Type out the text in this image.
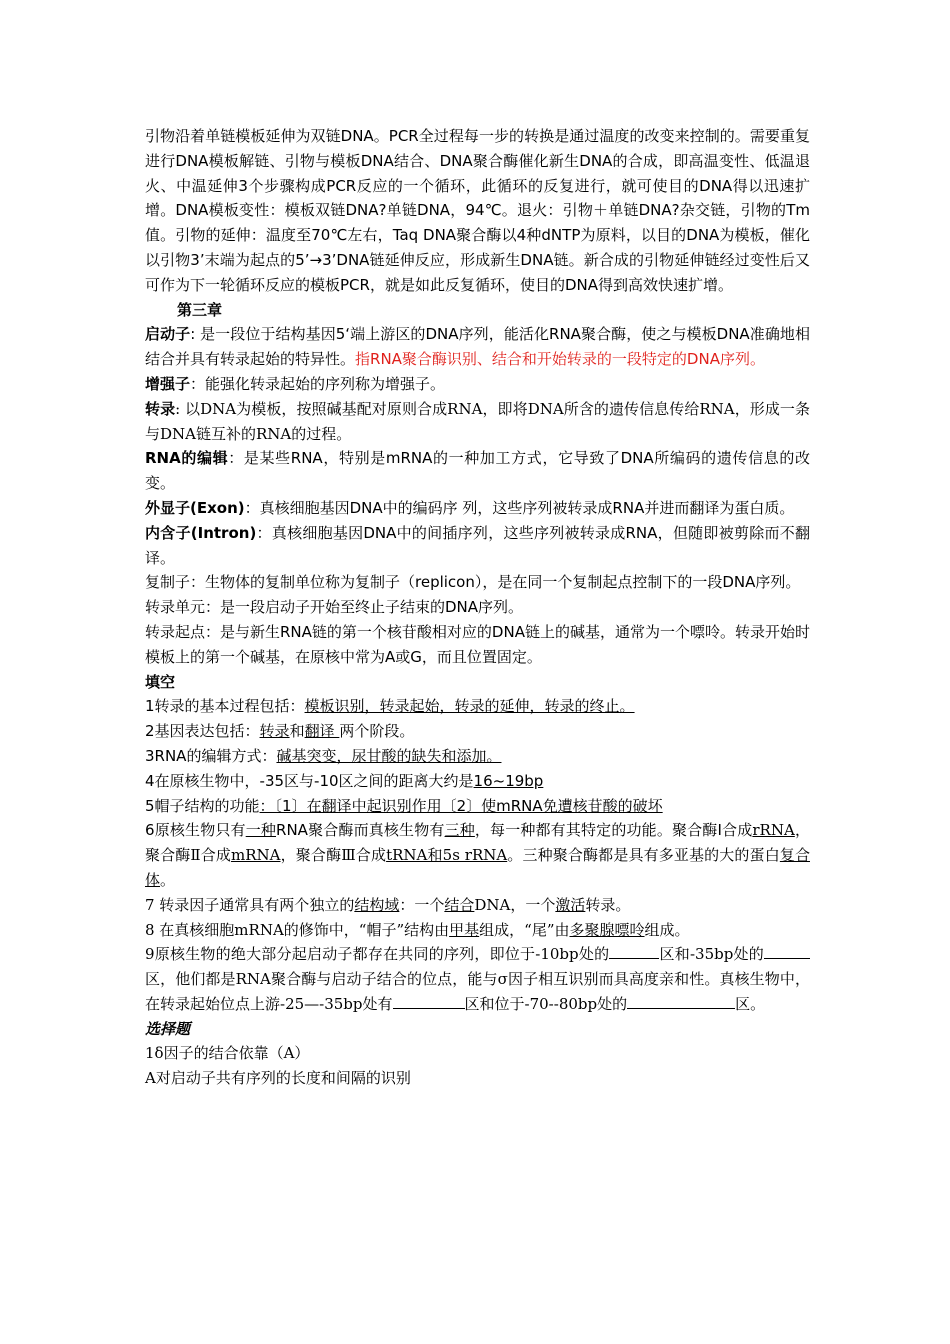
引物沿着单链模板延伸为双链DNA。PCR全过程每一步的转换是通过温度的改变来控制的。需要重复进行DNA模板解链、引物与模板DNA结合、DNA聚合酶催化新生DNA的合成，即高温变性、低温退火、中温延伸3个步骤构成PCR反应的一个循环，此循环的反复进行，就可使目的DNA得以迅速扩增。DNA模板变性：模板双链DNA?单链DNA，94℃。退火：引物＋单链DNA?杂交链，引物的Tm值。引物的延伸：温度至70℃左右，Taq DNA聚合酶以4种dNTP为原料，以目的DNA为模板，催化以引物3’末端为起点的5’→3’DNA链延伸反应，形成新生DNA链。新合成的引物延伸链经过变性后又可作为下一轮循环反应的模板PCR，就是如此反复循环，使目的DNA得到高效快速扩增。

第三章

启动子: 是一段位于结构基因5‘端上游区的DNA序列，能活化RNA聚合酶，使之与模板DNA准确地相结合并具有转录起始的特异性。指RNA聚合酶识别、结合和开始转录的一段特定的DNA序列。

增强子：能强化转录起始的序列称为增强子。

转录: 以DNA为模板，按照碱基配对原则合成RNA，即将DNA所含的遗传信息传给RNA，形成一条与DNA链互补的RNA的过程。

RNA的编辑：是某些RNA，特别是mRNA的一种加工方式，它导致了DNA所编码的遗传信息的改变。

外显子(Exon)：真核细胞基因DNA中的编码序 列，这些序列被转录成RNA并进而翻译为蛋白质。

内含子(Intron)：真核细胞基因DNA中的间插序列，这些序列被转录成RNA，但随即被剪除而不翻译。

复制子：生物体的复制单位称为复制子（replicon），是在同一个复制起点控制下的一段DNA序列。

转录单元：是一段启动子开始至终止子结束的DNA序列。

转录起点：是与新生RNA链的第一个核苷酸相对应的DNA链上的碱基，通常为一个嘌呤。转录开始时模板上的第一个碱基，在原核中常为A或G，而且位置固定。

填空

1转录的基本过程包括：模板识别，转录起始，转录的延伸，转录的终止。

2基因表达包括：转录和翻译 两个阶段。

3RNA的编辑方式：碱基突变，尿甘酸的缺失和添加。

4在原核生物中，-35区与-10区之间的距离大约是16~19bp

5帽子结构的功能：〔1〕在翻译中起识别作用〔2〕使mRNA免遭核苷酸的破坏

6原核生物只有一种RNA聚合酶而真核生物有三种，每一种都有其特定的功能。聚合酶Ⅰ合成rRNA，聚合酶Ⅱ合成mRNA，聚合酶Ⅲ合成tRNA和5s rRNA。三种聚合酶都是具有多亚基的大的蛋白复合体。

7 转录因子通常具有两个独立的结构域：一个结合DNA，一个激活转录。

8 在真核细胞mRNA的修饰中，“帽子”结构由甲基组成，“尾”由多聚腺嘌呤组成。

9原核生物的绝大部分起启动子都存在共同的序列，即位于-10bp处的	区和-35bp处的区，他们都是RNA聚合酶与启动子结合的位点，能与σ因子相互识别而具高度亲和性。真核生物中，在转录起始位点上游-25—-35bp处有	区和位于-70--80bp处的	区。

选择题

1δ因子的结合依靠（A）

A对启动子共有序列的长度和间隔的识别
